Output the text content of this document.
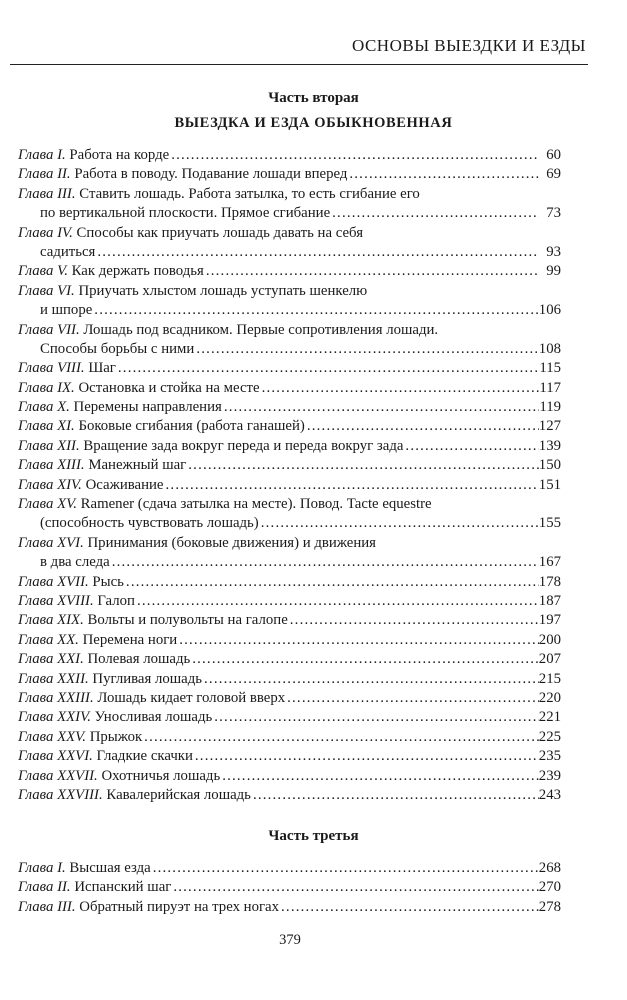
ОСНОВЫ ВЫЕЗДКИ И ЕЗДЫ
Часть вторая
ВЫЕЗДКА И ЕЗДА ОБЫКНОВЕННАЯ
Глава I. Работа на корде .....	60
Глава II. Работа в поводу. Подавание лошади вперед .....	69
Глава III. Ставить лошадь. Работа затылка, то есть сгибание его
по вертикальной плоскости. Прямое сгибание .....	73
Глава IV. Способы как приучать лошадь давать на себя
садиться .....	93
Глава V. Как держать поводья .....	99
Глава VI. Приучать хлыстом лошадь уступать шенкелю
и шпоре .....	106
Глава VII. Лошадь под всадником. Первые сопротивления лошади.
Способы борьбы с ними .....	108
Глава VIII. Шаг .....	115
Глава IX. Остановка и стойка на месте .....	117
Глава X. Перемены направления .....	119
Глава XI. Боковые сгибания (работа ганашей) .....	127
Глава XII. Вращение зада вокруг переда и переда вокруг зада .....	139
Глава XIII. Манежный шаг .....	150
Глава XIV. Осаживание .....	151
Глава XV. Ramener (сдача затылка на месте). Повод. Tacte equestre
(способность чувствовать лошадь) .....	155
Глава XVI. Принимания (боковые движения) и движения
в два следа .....	167
Глава XVII. Рысь .....	178
Глава XVIII. Галоп .....	187
Глава XIX. Вольты и полувольты на галопе .....	197
Глава XX. Перемена ноги .....	200
Глава XXI. Полевая лошадь .....	207
Глава XXII. Пугливая лошадь .....	215
Глава XXIII. Лошадь кидает головой вверх .....	220
Глава XXIV. Уносливая лошадь .....	221
Глава XXV. Прыжок .....	225
Глава XXVI. Гладкие скачки .....	235
Глава XXVII. Охотничья лошадь .....	239
Глава XXVIII. Кавалерийская лошадь .....	243
Часть третья
Глава I. Высшая езда .....	268
Глава II. Испанский шаг .....	270
Глава III. Обратный пируэт на трех ногах .....	278
379
